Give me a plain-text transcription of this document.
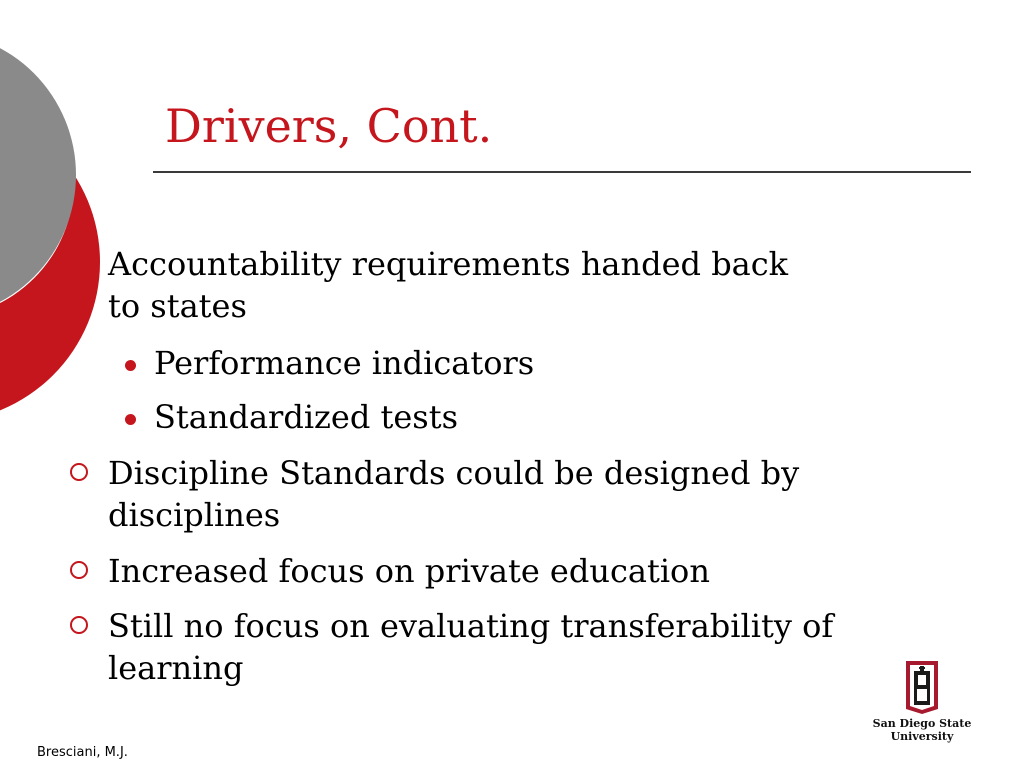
Drivers, Cont.
Accountability requirements handed back
to states
Performance indicators
Standardized tests
Discipline Standards could be designed by
disciplines
Increased focus on private education
Still no focus on evaluating transferability of
learning
Bresciani, M.J.
San Diego State
University
